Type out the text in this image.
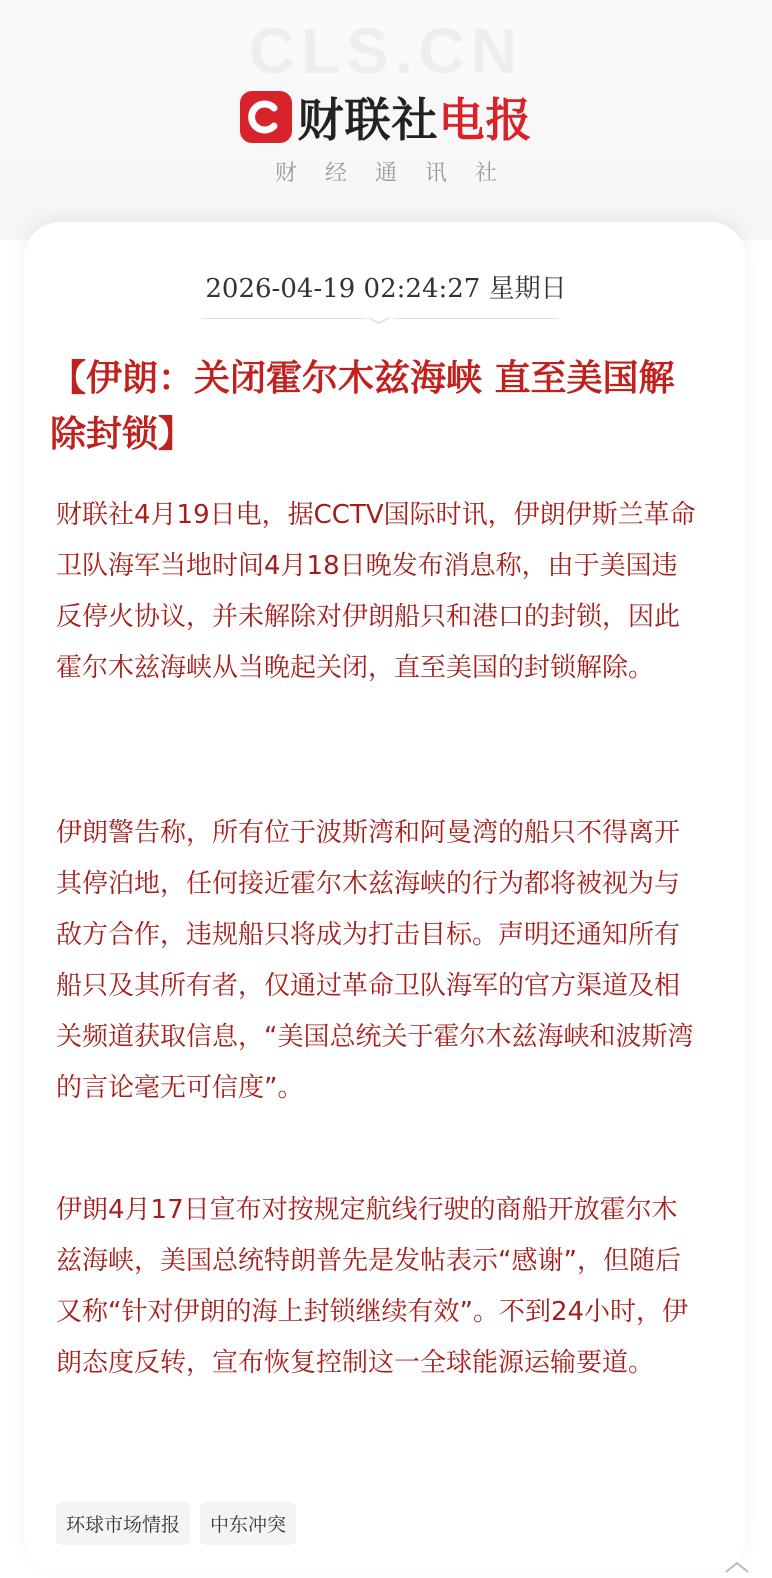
CLS.CN
财联社 电报
财经通讯社
2026-04-19 02:24:27 星期日
【伊朗：关闭霍尔木兹海峡 直至美国解除封锁】

财联社4月19日电，据CCTV国际时讯，伊朗伊斯兰革命卫队海军当地时间4月18日晚发布消息称，由于美国违反停火协议，并未解除对伊朗船只和港口的封锁，因此霍尔木兹海峡从当晚起关闭，直至美国的封锁解除。

伊朗警告称，所有位于波斯湾和阿曼湾的船只不得离开其停泊地，任何接近霍尔木兹海峡的行为都将被视为与敌方合作，违规船只将成为打击目标。声明还通知所有船只及其所有者，仅通过革命卫队海军的官方渠道及相关频道获取信息，“美国总统关于霍尔木兹海峡和波斯湾的言论毫无可信度”。

伊朗4月17日宣布对按规定航线行驶的商船开放霍尔木兹海峡，美国总统特朗普先是发帖表示“感谢”，但随后又称“针对伊朗的海上封锁继续有效”。不到24小时，伊朗态度反转，宣布恢复控制这一全球能源运输要道。

环球市场情报	中东冲突
